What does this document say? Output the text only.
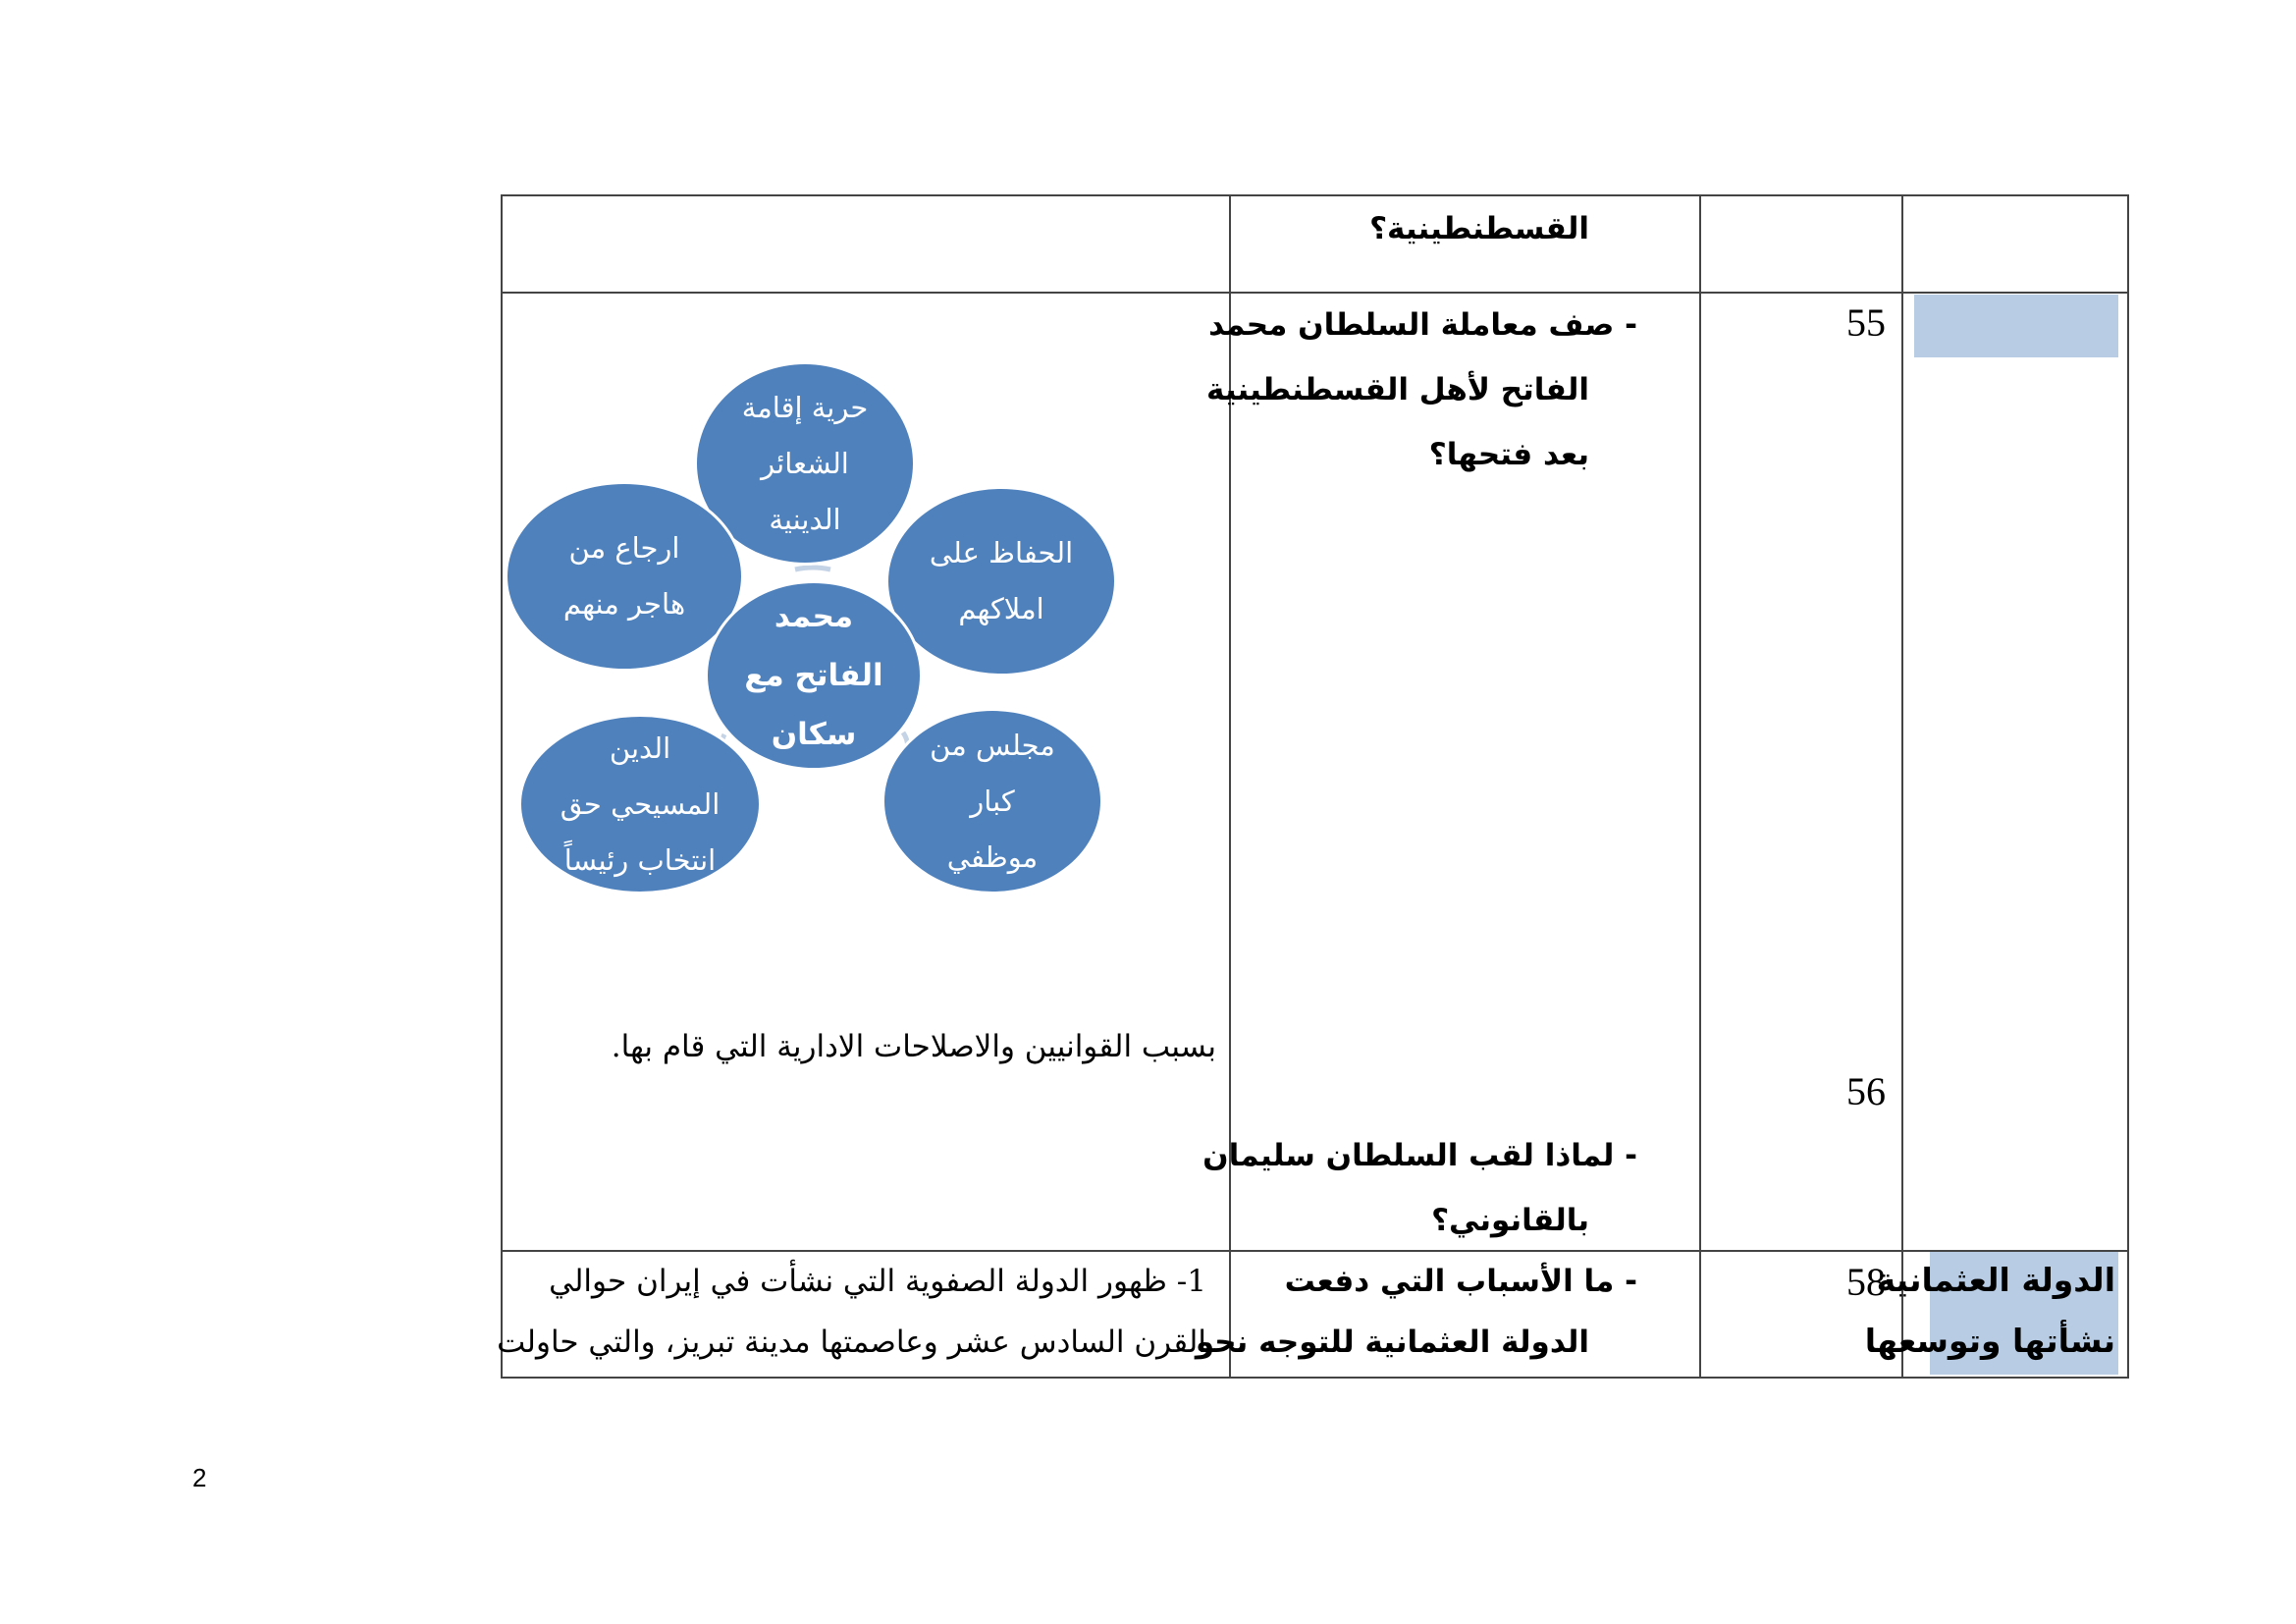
القسطنطينية؟
55
- صف معاملة السلطان محمد
الفاتح لأهل القسطنطينية
بعد فتحها؟
حرية إقامة
الشعائر
الدينية
ارجاع من
هاجر منهم
الحفاظ على
املاكهم
الدين
المسيحي حق
انتخاب رئيساً
مجلس من
كبار
موظفي
محمد
الفاتح مع
سكان
بسبب القوانيين والاصلاحات الادارية التي قام بها.
56
- لماذا لقب السلطان سليمان
بالقانوني؟
الدولة العثمانية
نشأتها وتوسعها
58
- ما الأسباب التي دفعت
الدولة العثمانية للتوجه نحو
1- ظهور الدولة الصفوية التي نشأت في إيران حوالي
القرن السادس عشر وعاصمتها مدينة تبريز، والتي حاولت
2
